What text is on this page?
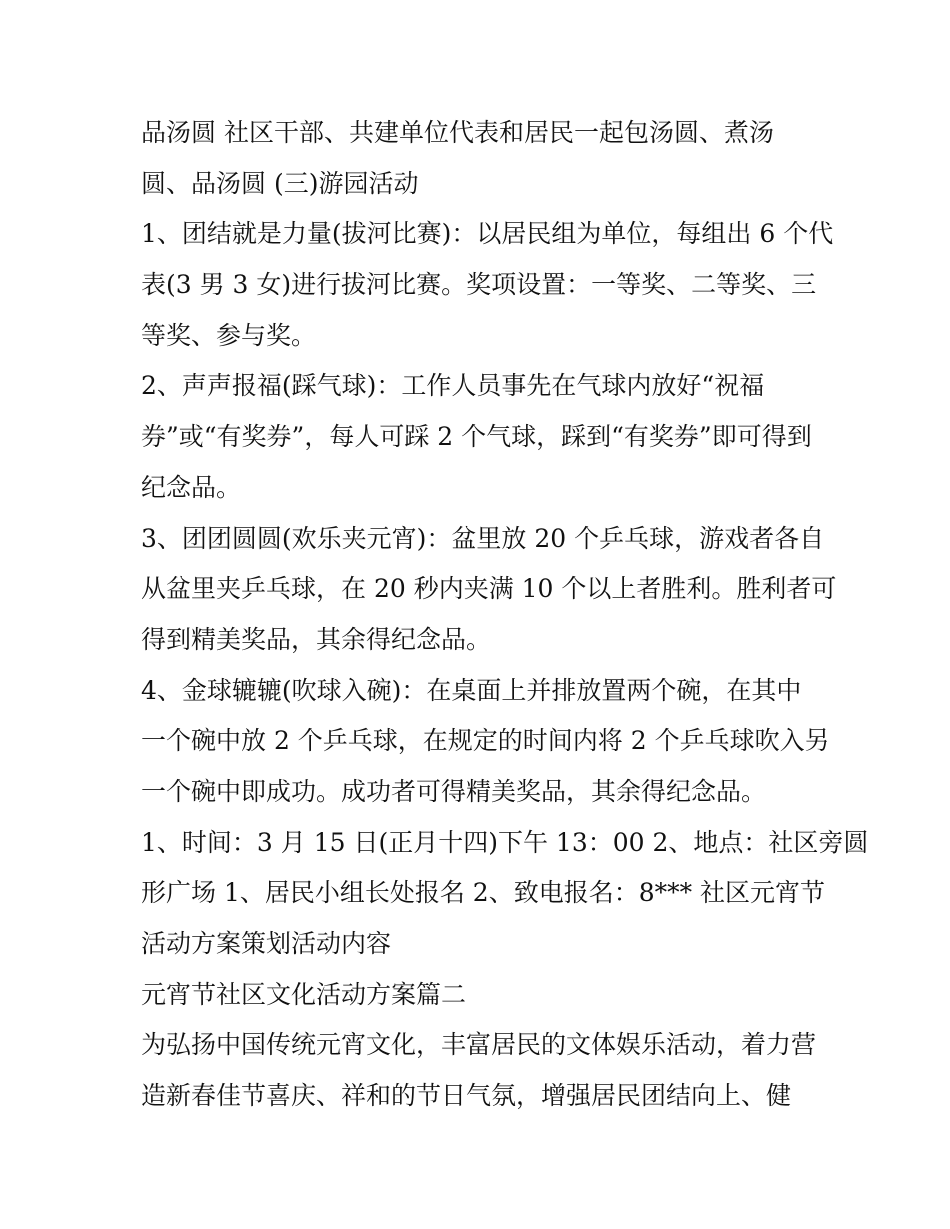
品汤圆 社区干部、共建单位代表和居民一起包汤圆、煮汤
圆、品汤圆 (三)游园活动
1、团结就是力量(拔河比赛)：以居民组为单位，每组出 6 个代
表(3 男 3 女)进行拔河比赛。奖项设置：一等奖、二等奖、三
等奖、参与奖。
2、声声报福(踩气球)：工作人员事先在气球内放好“祝福
券”或“有奖券”，每人可踩 2 个气球，踩到“有奖券”即可得到
纪念品。
3、团团圆圆(欢乐夹元宵)：盆里放 20 个乒乓球，游戏者各自
从盆里夹乒乓球，在 20 秒内夹满 10 个以上者胜利。胜利者可
得到精美奖品，其余得纪念品。
4、金球辘辘(吹球入碗)：在桌面上并排放置两个碗，在其中
一个碗中放 2 个乒乓球，在规定的时间内将 2 个乒乓球吹入另
一个碗中即成功。成功者可得精美奖品，其余得纪念品。
1、时间：3 月 15 日(正月十四)下午 13：00 2、地点：社区旁圆
形广场 1、居民小组长处报名 2、致电报名：8*** 社区元宵节
活动方案策划活动内容
元宵节社区文化活动方案篇二
为弘扬中国传统元宵文化，丰富居民的文体娱乐活动，着力营
造新春佳节喜庆、祥和的节日气氛，增强居民团结向上、健
